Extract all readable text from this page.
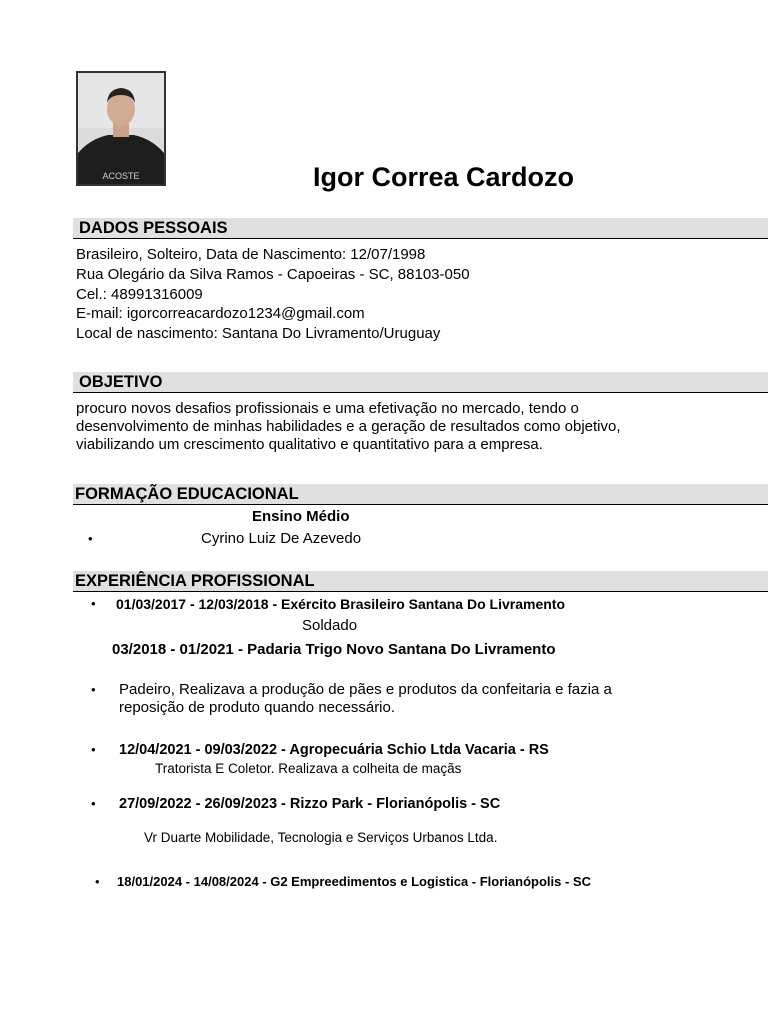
ACOSTE	Igor Correa Cardozo
DADOS PESSOAIS
Brasileiro, Solteiro, Data de Nascimento: 12/07/1998
Rua Olegário da Silva Ramos - Capoeiras - SC, 88103-050
Cel.: 48991316009
E-mail: igorcorreacardozo1234@gmail.com
Local de nascimento: Santana Do Livramento/Uruguay
OBJETIVO
procuro novos desafios profissionais e uma efetivação no mercado, tendo o
desenvolvimento de minhas habilidades e a geração de resultados como objetivo,
viabilizando um crescimento qualitativo e quantitativo para a empresa.
FORMAÇÃO EDUCACIONAL
Ensino Médio
•	Cyrino Luiz De Azevedo
EXPERIÊNCIA PROFISSIONAL
• 01/03/2017 - 12/03/2018 - Exército Brasileiro Santana Do Livramento
Soldado
03/2018 - 01/2021 - Padaria Trigo Novo Santana Do Livramento
• Padeiro, Realizava a produção de pães e produtos da confeitaria e fazia a
reposição de produto quando necessário.
• 12/04/2021 - 09/03/2022 - Agropecuária Schio Ltda Vacaria - RS
Tratorista E Coletor. Realizava a colheita de maçãs
• 27/09/2022 - 26/09/2023 - Rizzo Park - Florianópolis - SC
Vr Duarte Mobilidade, Tecnologia e Serviços Urbanos Ltda.
• 18/01/2024 - 14/08/2024 - G2 Empreedimentos e Logistica - Florianópolis - SC
